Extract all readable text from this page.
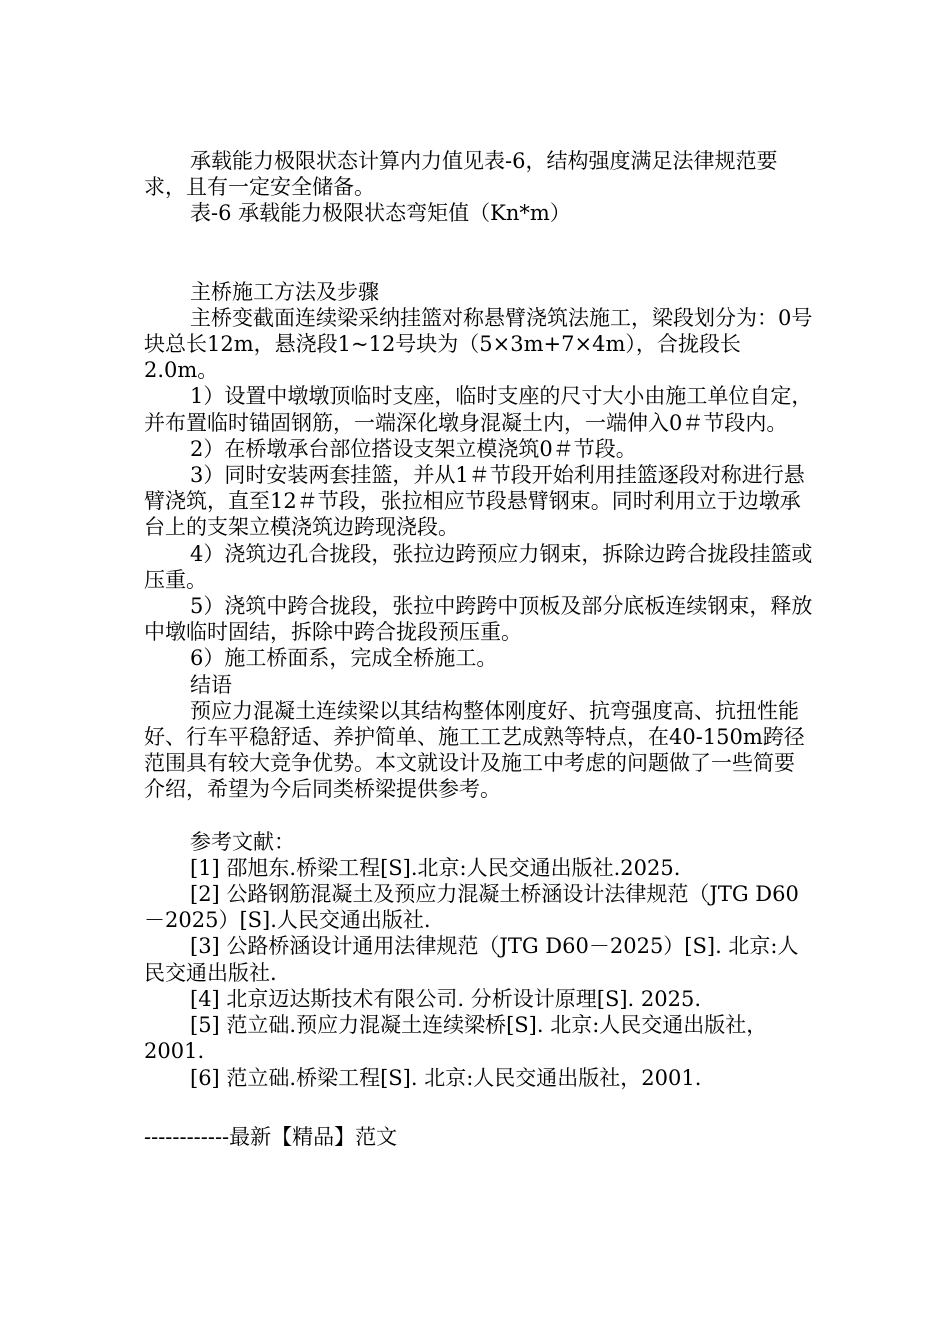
承载能力极限状态计算内力值见表-6，结构强度满足法律规范要求，且有一定安全储备。

表-6 承载能力极限状态弯矩值（Kn*m）

主桥施工方法及步骤

主桥变截面连续梁采纳挂篮对称悬臂浇筑法施工，梁段划分为：0号块总长12m，悬浇段1~12号块为（5×3m+7×4m），合拢段长2.0m。

1）设置中墩墩顶临时支座，临时支座的尺寸大小由施工单位自定，并布置临时锚固钢筋，一端深化墩身混凝土内，一端伸入0＃节段内。

2）在桥墩承台部位搭设支架立模浇筑0＃节段。

3）同时安装两套挂篮，并从1＃节段开始利用挂篮逐段对称进行悬臂浇筑，直至12＃节段，张拉相应节段悬臂钢束。同时利用立于边墩承台上的支架立模浇筑边跨现浇段。

4）浇筑边孔合拢段，张拉边跨预应力钢束，拆除边跨合拢段挂篮或压重。

5）浇筑中跨合拢段，张拉中跨跨中顶板及部分底板连续钢束，释放中墩临时固结，拆除中跨合拢段预压重。

6）施工桥面系，完成全桥施工。

结语

预应力混凝土连续梁以其结构整体刚度好、抗弯强度高、抗扭性能好、行车平稳舒适、养护简单、施工工艺成熟等特点，在40-150m跨径范围具有较大竞争优势。本文就设计及施工中考虑的问题做了一些简要介绍，希望为今后同类桥梁提供参考。

参考文献：

[1] 邵旭东.桥梁工程[S].北京:人民交通出版社.2025.

[2] 公路钢筋混凝土及预应力混凝土桥涵设计法律规范（JTG D60－2025）[S].人民交通出版社.

[3] 公路桥涵设计通用法律规范（JTG D60－2025）[S]. 北京:人民交通出版社.

[4] 北京迈达斯技术有限公司. 分析设计原理[S]. 2025.

[5] 范立础.预应力混凝土连续梁桥[S]. 北京:人民交通出版社，2001.

[6] 范立础.桥梁工程[S]. 北京:人民交通出版社，2001.

------------最新【精品】范文
